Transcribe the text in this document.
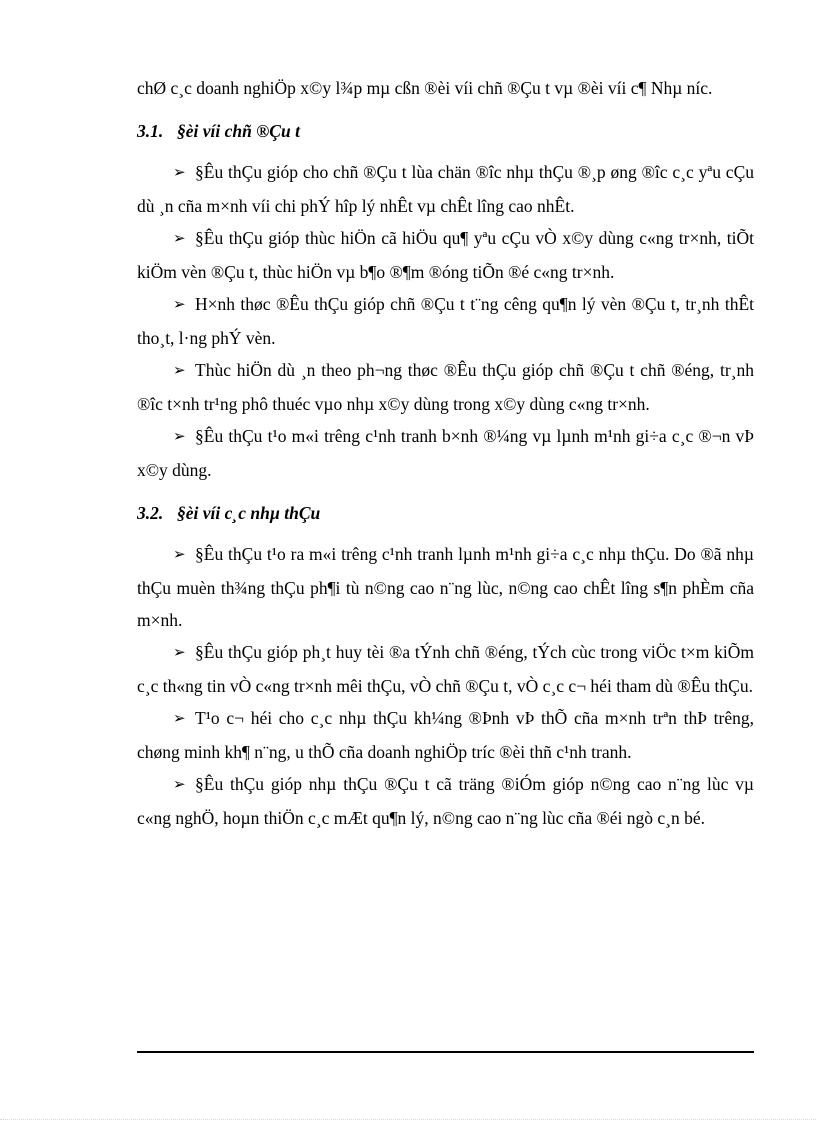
chØ c¸c doanh nghiÖp x©y l¾p mµ cßn ®èi víi chñ ®Çu t vµ ®èi víi c¶ Nhµ níc.

3.1. §èi víi chñ ®Çu t

➢ §Êu thÇu gióp cho chñ ®Çu t lùa chän ®îc nhµ thÇu ®¸p øng ®îc c¸c yªu cÇu dù ¸n cña m×nh víi chi phÝ hîp lý nhÊt vµ chÊt lîng cao nhÊt.

➢ §Êu thÇu gióp thùc hiÖn cã hiÖu qu¶ yªu cÇu vÒ x©y dùng c«ng tr×nh, tiÕt kiÖm vèn ®Çu t, thùc hiÖn vµ b¶o ®¶m ®óng tiÕn ®é c«ng tr×nh.

➢ H×nh thøc ®Êu thÇu gióp chñ ®Çu t t¨ng cêng qu¶n lý vèn ®Çu t, tr¸nh thÊt tho¸t, l·ng phÝ vèn.

➢ Thùc hiÖn dù ¸n theo ph¬ng thøc ®Êu thÇu gióp chñ ®Çu t chñ ®éng, tr¸nh ®îc t×nh tr¹ng phô thuéc vµo nhµ x©y dùng trong x©y dùng c«ng tr×nh.

➢ §Êu thÇu t¹o m«i trêng c¹nh tranh b×nh ®¼ng vµ lµnh m¹nh gi÷a c¸c ®¬n vÞ x©y dùng.

3.2. §èi víi c¸c nhµ thÇu

➢ §Êu thÇu t¹o ra m«i trêng c¹nh tranh lµnh m¹nh gi÷a c¸c nhµ thÇu. Do ®ã nhµ thÇu muèn th¾ng thÇu ph¶i tù n©ng cao n¨ng lùc, n©ng cao chÊt lîng s¶n phÈm cña m×nh.

➢ §Êu thÇu gióp ph¸t huy tèi ®a tÝnh chñ ®éng, tÝch cùc trong viÖc t×m kiÕm c¸c th«ng tin vÒ c«ng tr×nh mêi thÇu, vÒ chñ ®Çu t, vÒ c¸c c¬ héi tham dù ®Êu thÇu.

➢ T¹o c¬ héi cho c¸c nhµ thÇu kh¼ng ®Þnh vÞ thÕ cña m×nh trªn thÞ trêng, chøng minh kh¶ n¨ng, u thÕ cña doanh nghiÖp tríc ®èi thñ c¹nh tranh.

➢ §Êu thÇu gióp nhµ thÇu ®Çu t cã träng ®iÓm gióp n©ng cao n¨ng lùc vµ c«ng nghÖ, hoµn thiÖn c¸c mÆt qu¶n lý, n©ng cao n¨ng lùc cña ®éi ngò c¸n bé.
